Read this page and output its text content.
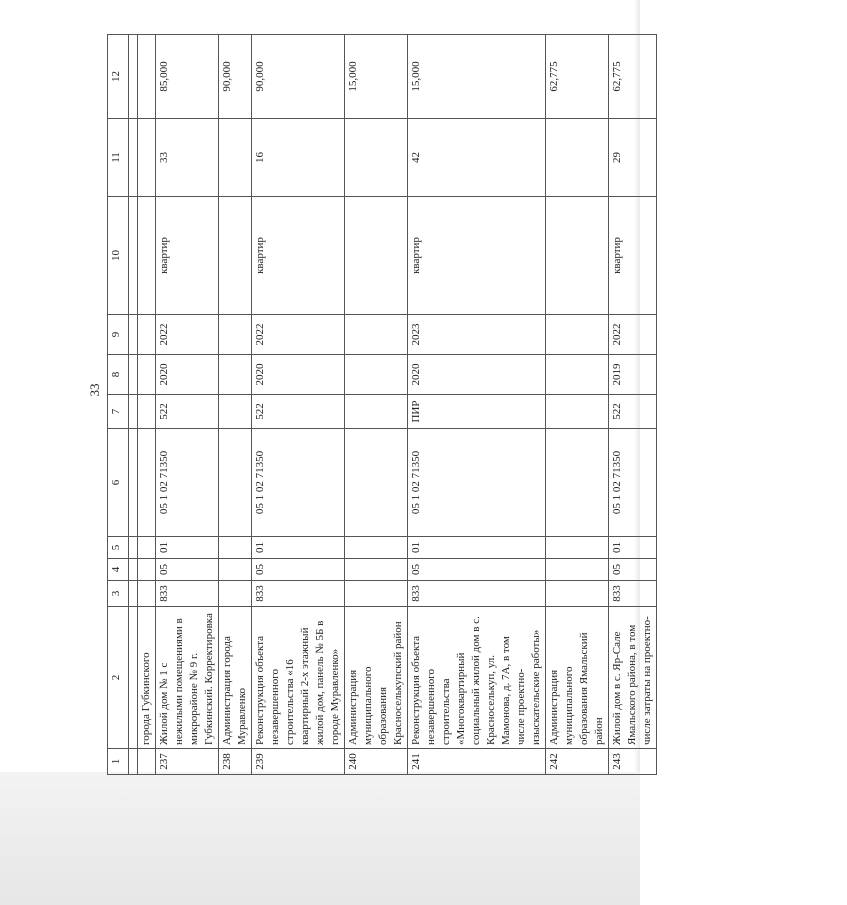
33
1	2	3	4	5	6	7	8	9	10	11	12

	города Губкинского										
237	Жилой дом № 1 с нежилыми помещениями в микрорайоне № 9 г. Губкинский. Корректировка	833	05	01	05 1 02 71350	522	2020	2022	квартир	33	85,000
238	Администрация города Муравленко										90,000
239	Реконструкция объекта незавершенного строительства «16 квартирный 2-х этажный жилой дом, панель № 5Б в городе Муравленко»	833	05	01	05 1 02 71350	522	2020	2022	квартир	16	90,000
240	Администрация муниципального образования Красноселькупский район										15,000
241	Реконструкция объекта незавершенного строительства «Многоквартирный социальный жилой дом в с. Красноселькуп, ул. Мамонова, д. 7А, в том числе проектно-изыскательские работы»	833	05	01	05 1 02 71350	ПИР	2020	2023	квартир	42	15,000
242	Администрация муниципального образования Ямальский район										62,775
243	Жилой дом в с. Яр-Сале Ямальского района, в том числе затраты на проектно-	833	05	01	05 1 02 71350	522	2019	2022	квартир	29	62,775
